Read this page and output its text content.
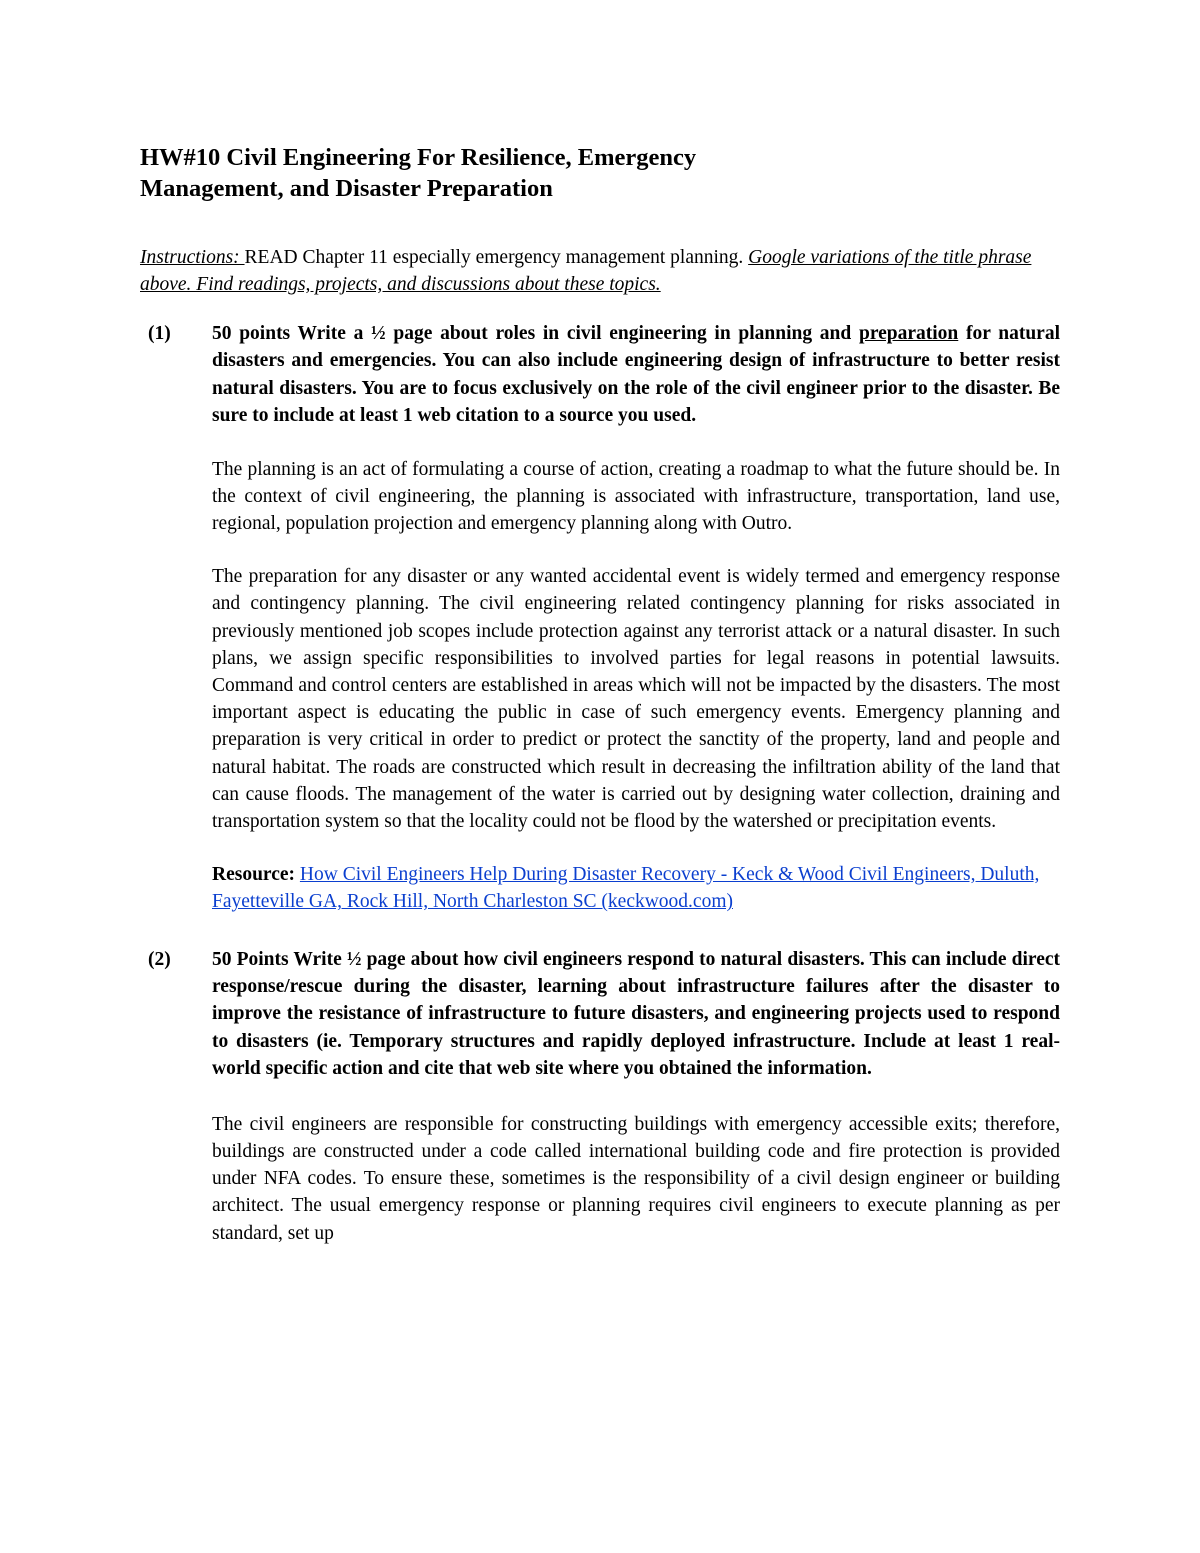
HW#10 Civil Engineering For Resilience, Emergency
Management, and Disaster Preparation

Instructions: READ Chapter 11 especially emergency management planning. Google variations of the title phrase above. Find readings, projects, and discussions about these topics.

(1) 50 points Write a ½ page about roles in civil engineering in planning and preparation for natural disasters and emergencies. You can also include engineering design of infrastructure to better resist natural disasters. You are to focus exclusively on the role of the civil engineer prior to the disaster. Be sure to include at least 1 web citation to a source you used.

The planning is an act of formulating a course of action, creating a roadmap to what the future should be. In the context of civil engineering, the planning is associated with infrastructure, transportation, land use, regional, population projection and emergency planning along with Outro.

The preparation for any disaster or any wanted accidental event is widely termed and emergency response and contingency planning. The civil engineering related contingency planning for risks associated in previously mentioned job scopes include protection against any terrorist attack or a natural disaster. In such plans, we assign specific responsibilities to involved parties for legal reasons in potential lawsuits. Command and control centers are established in areas which will not be impacted by the disasters. The most important aspect is educating the public in case of such emergency events. Emergency planning and preparation is very critical in order to predict or protect the sanctity of the property, land and people and natural habitat. The roads are constructed which result in decreasing the infiltration ability of the land that can cause floods. The management of the water is carried out by designing water collection, draining and transportation system so that the locality could not be flood by the watershed or precipitation events.

Resource: How Civil Engineers Help During Disaster Recovery - Keck & Wood Civil Engineers, Duluth, Fayetteville GA, Rock Hill, North Charleston SC (keckwood.com)

(2) 50 Points Write ½ page about how civil engineers respond to natural disasters. This can include direct response/rescue during the disaster, learning about infrastructure failures after the disaster to improve the resistance of infrastructure to future disasters, and engineering projects used to respond to disasters (ie. Temporary structures and rapidly deployed infrastructure. Include at least 1 real-world specific action and cite that web site where you obtained the information.

The civil engineers are responsible for constructing buildings with emergency accessible exits; therefore, buildings are constructed under a code called international building code and fire protection is provided under NFA codes. To ensure these, sometimes is the responsibility of a civil design engineer or building architect. The usual emergency response or planning requires civil engineers to execute planning as per standard, set up
